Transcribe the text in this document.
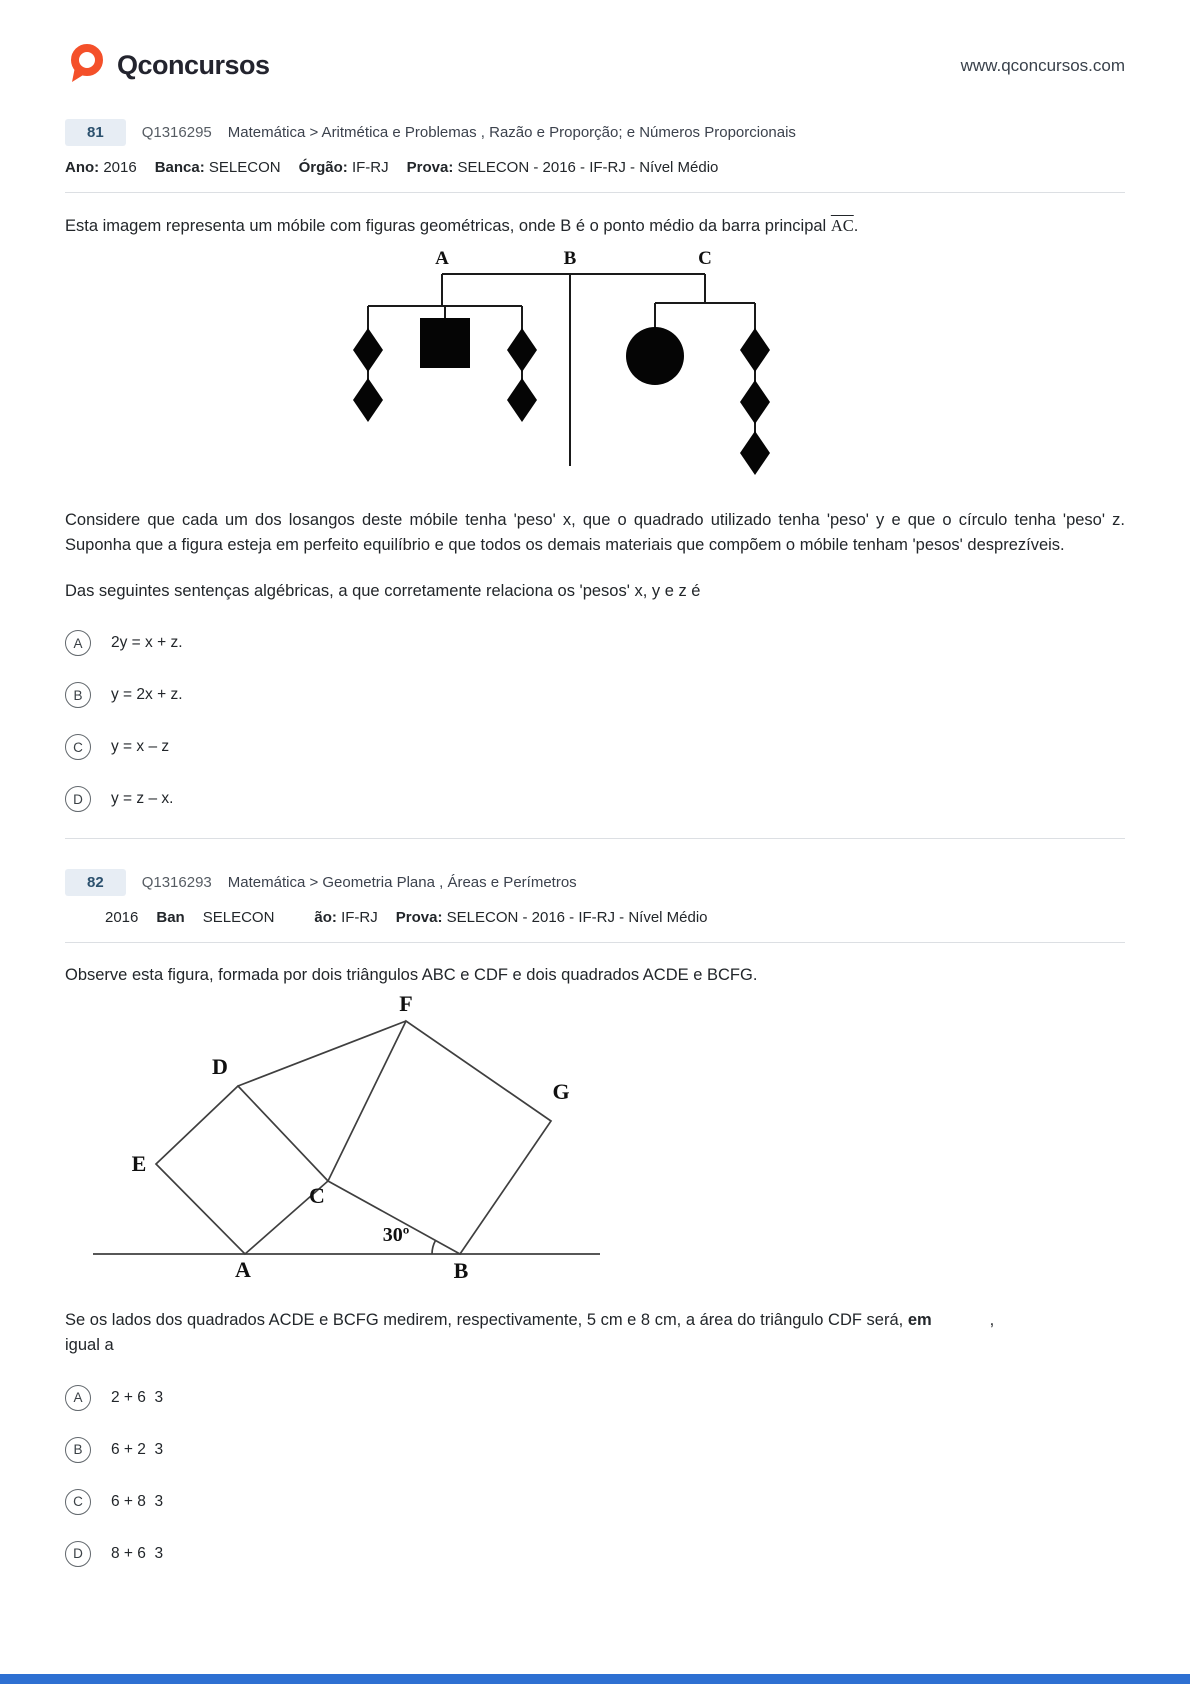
Qconcursos	www.qconcursos.com
81	Q1316295 Matemática > Aritmética e Problemas , Razão e Proporção; e Números Proporcionais
Ano: 2016 Banca: SELECON Órgão: IF-RJ Prova: SELECON - 2016 - IF-RJ - Nível Médio

Esta imagem representa um móbile com figuras geométricas, onde B é o ponto médio da barra principal $\overline{AC}$.

A	B	C

Considere que cada um dos losangos deste móbile tenha 'peso' x, que o quadrado utilizado tenha 'peso' y e que o círculo tenha 'peso' z. Suponha que a figura esteja em perfeito equilíbrio e que todos os demais materiais que compõem o móbile tenham 'pesos' desprezíveis.

Das seguintes sentenças algébricas, a que corretamente relaciona os 'pesos' x, y e z é

A	2y = x + z.
B	y = 2x + z.
C	y = x – z
D	y = z – x.
82	Q1316293 Matemática > Geometria Plana , Áreas e Perímetros
2016 Ban SELECON	ão: IF-RJ Prova: SELECON - 2016 - IF-RJ - Nível Médio

Observe esta figura, formada por dois triângulos ABC e CDF e dois quadrados ACDE e BCFG.

F
D
G
E
C
A	B
30º

Se os lados dos quadrados ACDE e BCFG medirem, respectivamente, 5 cm e 8 cm, a área do triângulo CDF será, em	,
igual a

A	2 + 6  3
B	6 + 2  3
C	6 + 8  3
D	8 + 6  3
